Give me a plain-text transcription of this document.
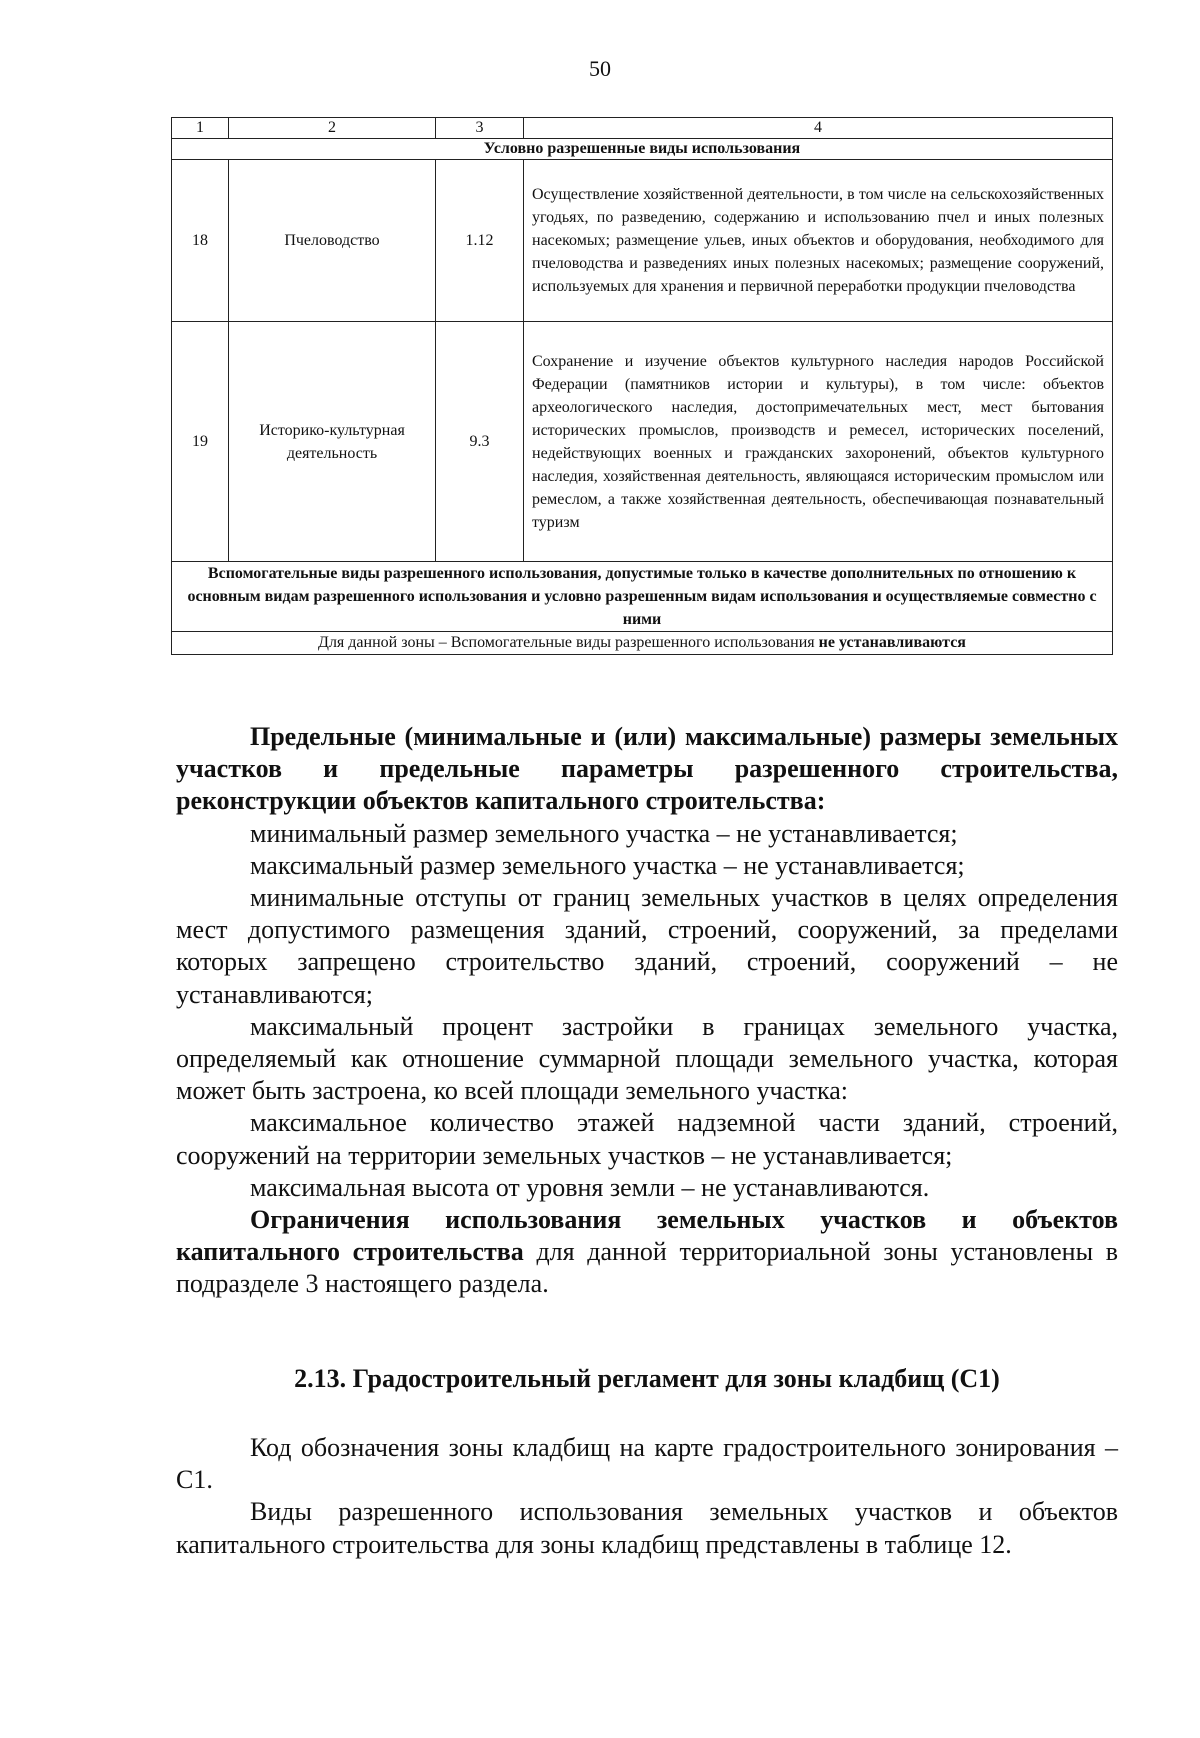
50
1	2	3	4
Условно разрешенные виды использования			
18	Пчеловодство	1.12	Осуществление хозяйственной деятельности, в том числе на сельскохозяйственных угодьях, по разведению, содержанию и использованию пчел и иных полезных насекомых; размещение ульев, иных объектов и оборудования, необходимого для пчеловодства и разведениях иных полезных насекомых; размещение сооружений, используемых для хранения и первичной переработки продукции пчеловодства
19	Историко-культурная деятельность	9.3	Сохранение и изучение объектов культурного наследия народов Российской Федерации (памятников истории и культуры), в том числе: объектов археологического наследия, достопримечательных мест, мест бытования исторических промыслов, производств и ремесел, исторических поселений, недействующих военных и гражданских захоронений, объектов культурного наследия, хозяйственная деятельность, являющаяся историческим промыслом или ремеслом, а также хозяйственная деятельность, обеспечивающая познавательный туризм
Вспомогательные виды разрешенного использования, допустимые только в качестве дополнительных по отношению к основным видам разрешенного использования и условно разрешенным видам использования и осуществляемые совместно с ними			
Для данной зоны – Вспомогательные виды разрешенного использования не устанавливаются			

Предельные (минимальные и (или) максимальные) размеры земельных участков и предельные параметры разрешенного строительства, реконструкции объектов капитального строительства:

минимальный размер земельного участка – не устанавливается;

максимальный размер земельного участка – не устанавливается;

минимальные отступы от границ земельных участков в целях определения мест допустимого размещения зданий, строений, сооружений, за пределами которых запрещено строительство зданий, строений, сооружений – не устанавливаются;

максимальный процент застройки в границах земельного участка, определяемый как отношение суммарной площади земельного участка, которая может быть застроена, ко всей площади земельного участка:

максимальное количество этажей надземной части зданий, строений, сооружений на территории земельных участков – не устанавливается;

максимальная высота от уровня земли – не устанавливаются.

Ограничения использования земельных участков и объектов капитального строительства для данной территориальной зоны установлены в подразделе 3 настоящего раздела.

2.13. Градостроительный регламент для зоны кладбищ (С1)

Код обозначения зоны кладбищ на карте градостроительного зонирования – С1.

Виды разрешенного использования земельных участков и объектов капитального строительства для зоны кладбищ представлены в таблице 12.
